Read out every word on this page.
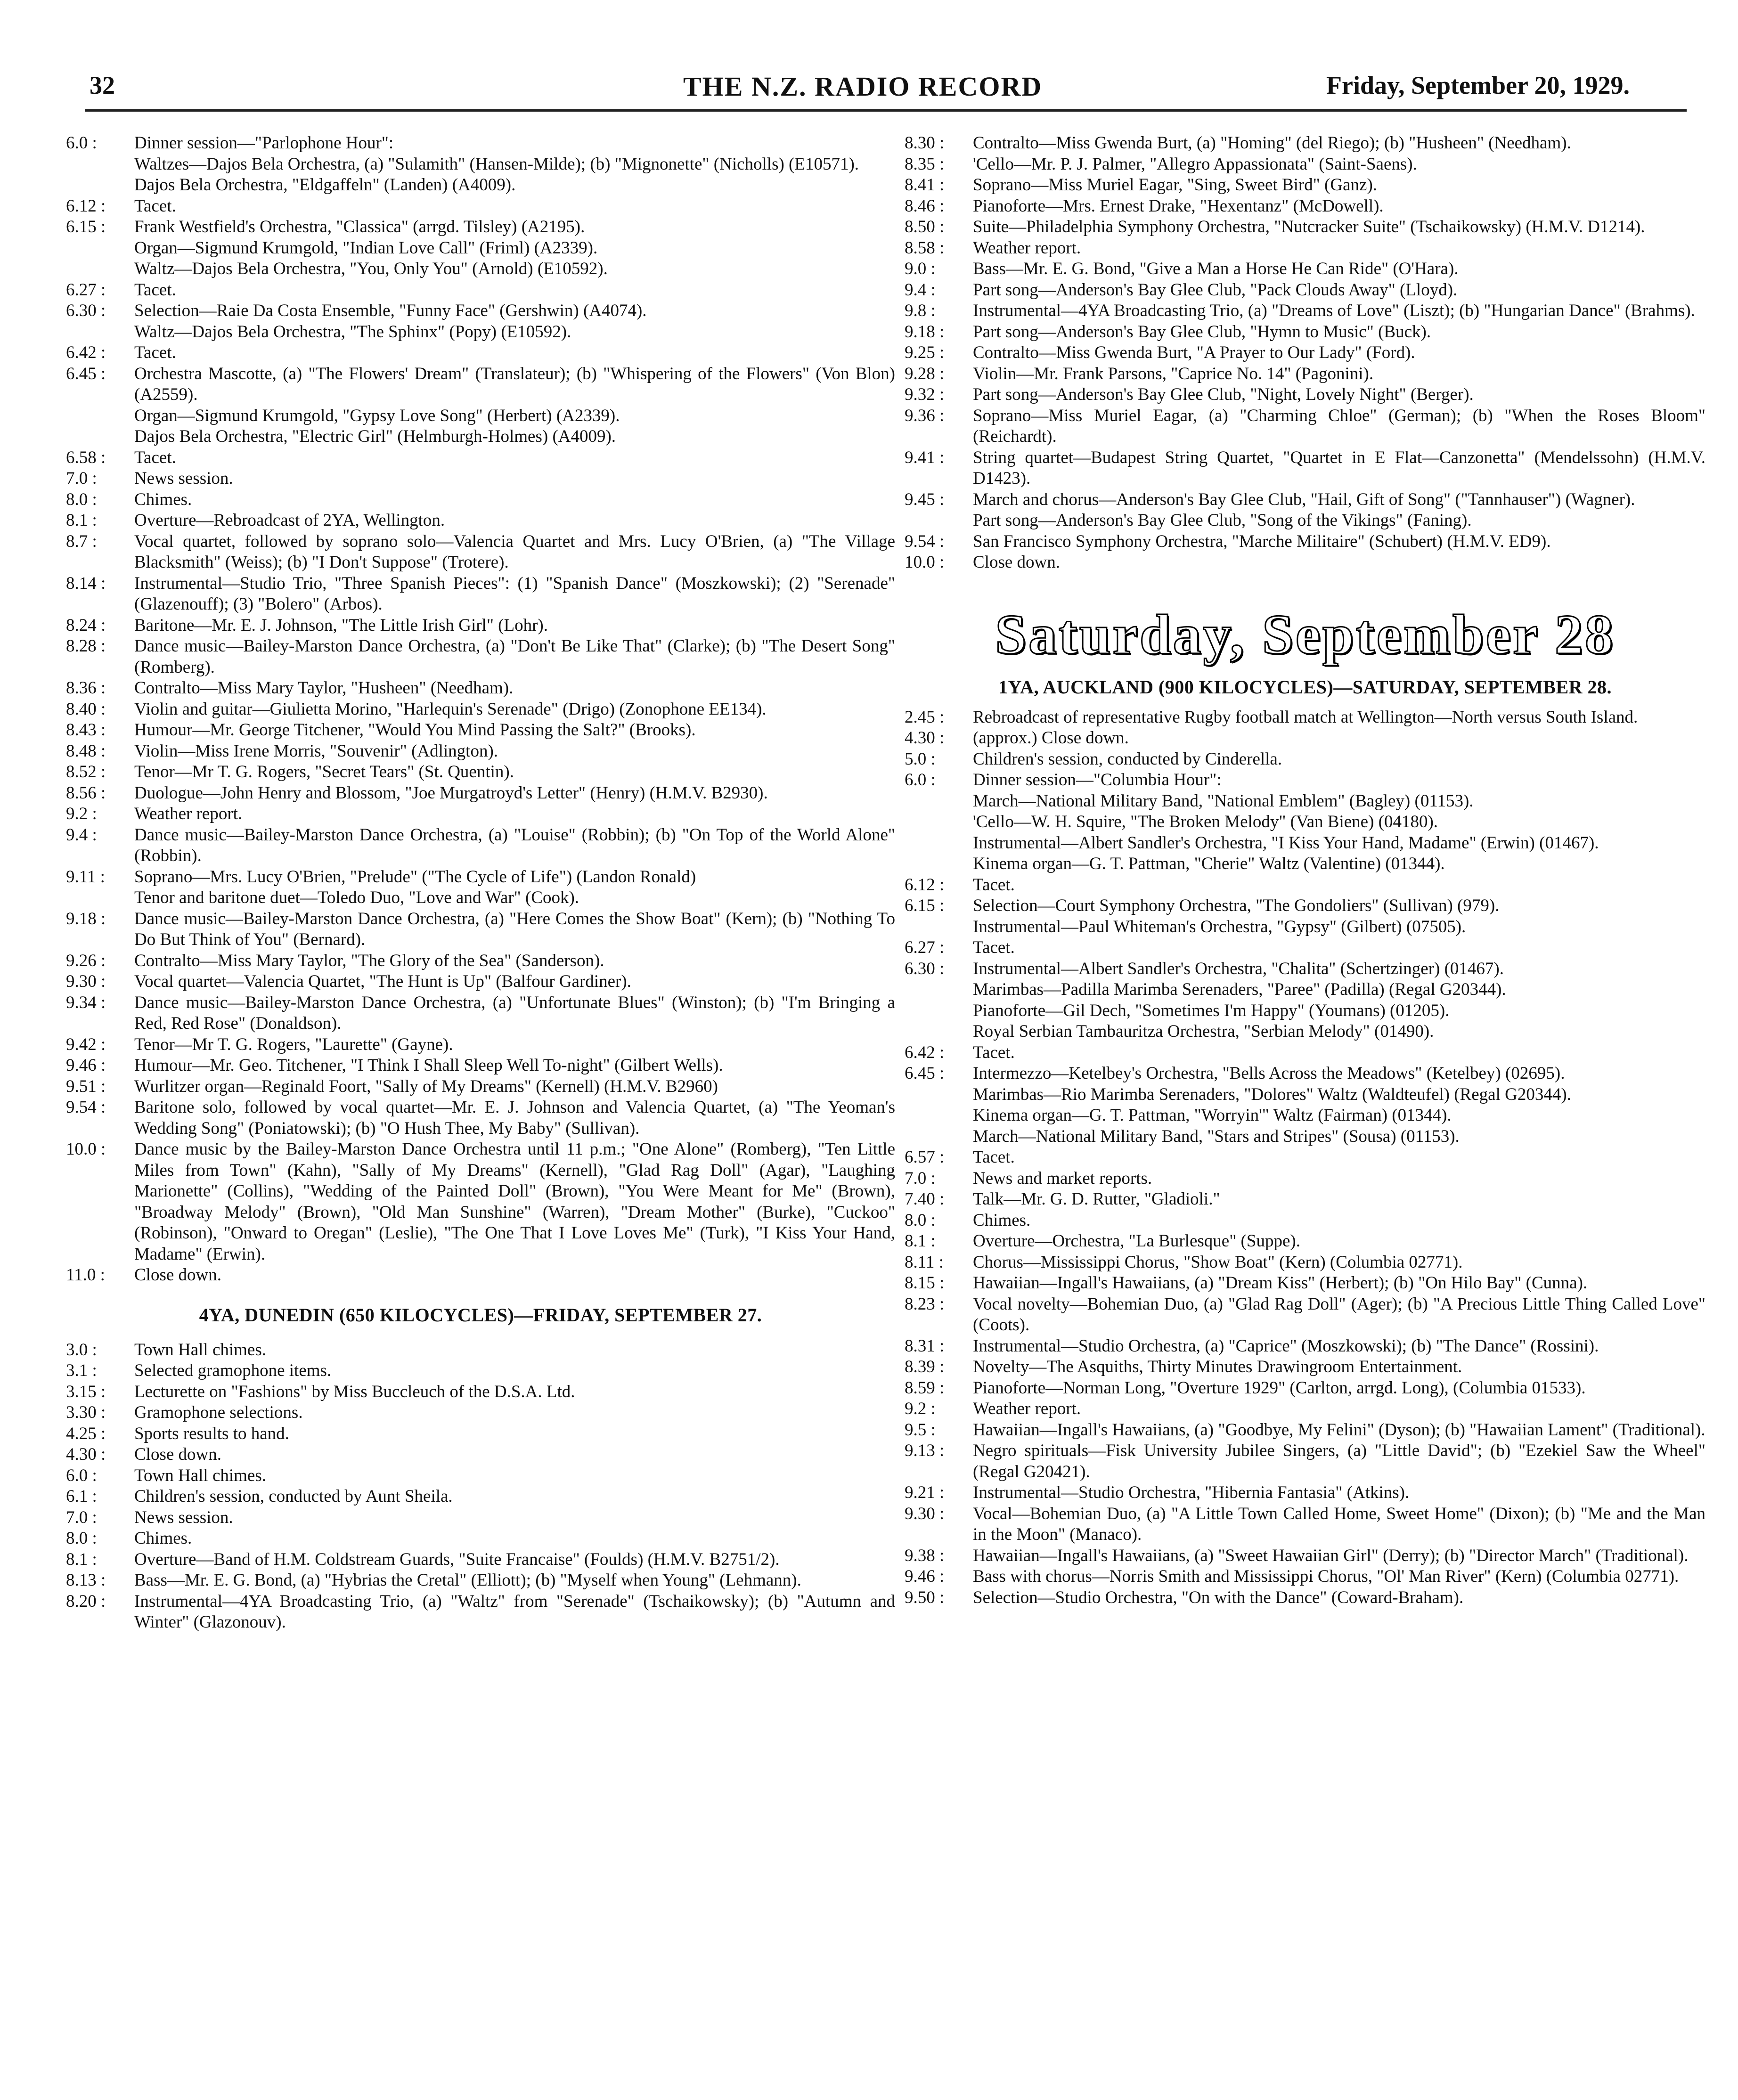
32	THE N.Z. RADIO RECORD	Friday, September 20, 1929.
6.0 :	Dinner session—"Parlophone Hour":
Waltzes—Dajos Bela Orchestra, (a) "Sulamith" (Hansen-Milde); (b) "Mignonette" (Nicholls) (E10571).
Dajos Bela Orchestra, "Eldgaffeln" (Landen) (A4009).
6.12 :	Tacet.
6.15 :	Frank Westfield's Orchestra, "Classica" (arrgd. Tilsley) (A2195).
Organ—Sigmund Krumgold, "Indian Love Call" (Friml) (A2339).
Waltz—Dajos Bela Orchestra, "You, Only You" (Arnold) (E10592).
6.27 :	Tacet.
6.30 :	Selection—Raie Da Costa Ensemble, "Funny Face" (Gershwin) (A4074).
Waltz—Dajos Bela Orchestra, "The Sphinx" (Popy) (E10592).
6.42 :	Tacet.
6.45 :	Orchestra Mascotte, (a) "The Flowers' Dream" (Translateur); (b) "Whispering of the Flowers" (Von Blon) (A2559).
Organ—Sigmund Krumgold, "Gypsy Love Song" (Herbert) (A2339).
Dajos Bela Orchestra, "Electric Girl" (Helmburgh-Holmes) (A4009).
6.58 :	Tacet.
7.0 :	News session.
8.0 :	Chimes.
8.1 :	Overture—Rebroadcast of 2YA, Wellington.
8.7 :	Vocal quartet, followed by soprano solo—Valencia Quartet and Mrs. Lucy O'Brien, (a) "The Village Blacksmith" (Weiss); (b) "I Don't Suppose" (Trotere).
8.14 :	Instrumental—Studio Trio, "Three Spanish Pieces": (1) "Spanish Dance" (Moszkowski); (2) "Serenade" (Glazenouff); (3) "Bolero" (Arbos).
8.24 :	Baritone—Mr. E. J. Johnson, "The Little Irish Girl" (Lohr).
8.28 :	Dance music—Bailey-Marston Dance Orchestra, (a) "Don't Be Like That" (Clarke); (b) "The Desert Song" (Romberg).
8.36 :	Contralto—Miss Mary Taylor, "Husheen" (Needham).
8.40 :	Violin and guitar—Giulietta Morino, "Harlequin's Serenade" (Drigo) (Zonophone EE134).
8.43 :	Humour—Mr. George Titchener, "Would You Mind Passing the Salt?" (Brooks).
8.48 :	Violin—Miss Irene Morris, "Souvenir" (Adlington).
8.52 :	Tenor—Mr T. G. Rogers, "Secret Tears" (St. Quentin).
8.56 :	Duologue—John Henry and Blossom, "Joe Murgatroyd's Letter" (Henry) (H.M.V. B2930).
9.2 :	Weather report.
9.4 :	Dance music—Bailey-Marston Dance Orchestra, (a) "Louise" (Robbin); (b) "On Top of the World Alone" (Robbin).
9.11 :	Soprano—Mrs. Lucy O'Brien, "Prelude" ("The Cycle of Life") (Landon Ronald)
Tenor and baritone duet—Toledo Duo, "Love and War" (Cook).
9.18 :	Dance music—Bailey-Marston Dance Orchestra, (a) "Here Comes the Show Boat" (Kern); (b) "Nothing To Do But Think of You" (Bernard).
9.26 :	Contralto—Miss Mary Taylor, "The Glory of the Sea" (Sanderson).
9.30 :	Vocal quartet—Valencia Quartet, "The Hunt is Up" (Balfour Gardiner).
9.34 :	Dance music—Bailey-Marston Dance Orchestra, (a) "Unfortunate Blues" (Winston); (b) "I'm Bringing a Red, Red Rose" (Donaldson).
9.42 :	Tenor—Mr T. G. Rogers, "Laurette" (Gayne).
9.46 :	Humour—Mr. Geo. Titchener, "I Think I Shall Sleep Well To-night" (Gilbert Wells).
9.51 :	Wurlitzer organ—Reginald Foort, "Sally of My Dreams" (Kernell) (H.M.V. B2960)
9.54 :	Baritone solo, followed by vocal quartet—Mr. E. J. Johnson and Valencia Quartet, (a) "The Yeoman's Wedding Song" (Poniatowski); (b) "O Hush Thee, My Baby" (Sullivan).
10.0 :	Dance music by the Bailey-Marston Dance Orchestra until 11 p.m.; "One Alone" (Romberg), "Ten Little Miles from Town" (Kahn), "Sally of My Dreams" (Kernell), "Glad Rag Doll" (Agar), "Laughing Marionette" (Collins), "Wedding of the Painted Doll" (Brown), "You Were Meant for Me" (Brown), "Broadway Melody" (Brown), "Old Man Sunshine" (Warren), "Dream Mother" (Burke), "Cuckoo" (Robinson), "Onward to Oregan" (Leslie), "The One That I Love Loves Me" (Turk), "I Kiss Your Hand, Madame" (Erwin).
11.0 :	Close down.
4YA, DUNEDIN (650 KILOCYCLES)—FRIDAY, SEPTEMBER 27.
3.0 :	Town Hall chimes.
3.1 :	Selected gramophone items.
3.15 :	Lecturette on "Fashions" by Miss Buccleuch of the D.S.A. Ltd.
3.30 :	Gramophone selections.
4.25 :	Sports results to hand.
4.30 :	Close down.
6.0 :	Town Hall chimes.
6.1 :	Children's session, conducted by Aunt Sheila.
7.0 :	News session.
8.0 :	Chimes.
8.1 :	Overture—Band of H.M. Coldstream Guards, "Suite Francaise" (Foulds) (H.M.V. B2751/2).
8.13 :	Bass—Mr. E. G. Bond, (a) "Hybrias the Cretal" (Elliott); (b) "Myself when Young" (Lehmann).
8.20 :	Instrumental—4YA Broadcasting Trio, (a) "Waltz" from "Serenade" (Tschaikowsky); (b) "Autumn and Winter" (Glazonouv).
8.30 :	Contralto—Miss Gwenda Burt, (a) "Homing" (del Riego); (b) "Husheen" (Needham).
8.35 :	'Cello—Mr. P. J. Palmer, "Allegro Appassionata" (Saint-Saens).
8.41 :	Soprano—Miss Muriel Eagar, "Sing, Sweet Bird" (Ganz).
8.46 :	Pianoforte—Mrs. Ernest Drake, "Hexentanz" (McDowell).
8.50 :	Suite—Philadelphia Symphony Orchestra, "Nutcracker Suite" (Tschaikowsky) (H.M.V. D1214).
8.58 :	Weather report.
9.0 :	Bass—Mr. E. G. Bond, "Give a Man a Horse He Can Ride" (O'Hara).
9.4 :	Part song—Anderson's Bay Glee Club, "Pack Clouds Away" (Lloyd).
9.8 :	Instrumental—4YA Broadcasting Trio, (a) "Dreams of Love" (Liszt); (b) "Hungarian Dance" (Brahms).
9.18 :	Part song—Anderson's Bay Glee Club, "Hymn to Music" (Buck).
9.25 :	Contralto—Miss Gwenda Burt, "A Prayer to Our Lady" (Ford).
9.28 :	Violin—Mr. Frank Parsons, "Caprice No. 14" (Pagonini).
9.32 :	Part song—Anderson's Bay Glee Club, "Night, Lovely Night" (Berger).
9.36 :	Soprano—Miss Muriel Eagar, (a) "Charming Chloe" (German); (b) "When the Roses Bloom" (Reichardt).
9.41 :	String quartet—Budapest String Quartet, "Quartet in E Flat—Canzonetta" (Mendelssohn) (H.M.V. D1423).
9.45 :	March and chorus—Anderson's Bay Glee Club, "Hail, Gift of Song" ("Tannhauser") (Wagner).
Part song—Anderson's Bay Glee Club, "Song of the Vikings" (Faning).
9.54 :	San Francisco Symphony Orchestra, "Marche Militaire" (Schubert) (H.M.V. ED9).
10.0 :	Close down.
Saturday, September 28
1YA, AUCKLAND (900 KILOCYCLES)—SATURDAY, SEPTEMBER 28.
2.45 :	Rebroadcast of representative Rugby football match at Wellington—North versus South Island.
4.30 :	(approx.) Close down.
5.0 :	Children's session, conducted by Cinderella.
6.0 :	Dinner session—"Columbia Hour":
March—National Military Band, "National Emblem" (Bagley) (01153).
'Cello—W. H. Squire, "The Broken Melody" (Van Biene) (04180).
Instrumental—Albert Sandler's Orchestra, "I Kiss Your Hand, Madame" (Erwin) (01467).
Kinema organ—G. T. Pattman, "Cherie" Waltz (Valentine) (01344).
6.12 :	Tacet.
6.15 :	Selection—Court Symphony Orchestra, "The Gondoliers" (Sullivan) (979).
Instrumental—Paul Whiteman's Orchestra, "Gypsy" (Gilbert) (07505).
6.27 :	Tacet.
6.30 :	Instrumental—Albert Sandler's Orchestra, "Chalita" (Schertzinger) (01467).
Marimbas—Padilla Marimba Serenaders, "Paree" (Padilla) (Regal G20344).
Pianoforte—Gil Dech, "Sometimes I'm Happy" (Youmans) (01205).
Royal Serbian Tambauritza Orchestra, "Serbian Melody" (01490).
6.42 :	Tacet.
6.45 :	Intermezzo—Ketelbey's Orchestra, "Bells Across the Meadows" (Ketelbey) (02695).
Marimbas—Rio Marimba Serenaders, "Dolores" Waltz (Waldteufel) (Regal G20344).
Kinema organ—G. T. Pattman, "Worryin'" Waltz (Fairman) (01344).
March—National Military Band, "Stars and Stripes" (Sousa) (01153).
6.57 :	Tacet.
7.0 :	News and market reports.
7.40 :	Talk—Mr. G. D. Rutter, "Gladioli."
8.0 :	Chimes.
8.1 :	Overture—Orchestra, "La Burlesque" (Suppe).
8.11 :	Chorus—Mississippi Chorus, "Show Boat" (Kern) (Columbia 02771).
8.15 :	Hawaiian—Ingall's Hawaiians, (a) "Dream Kiss" (Herbert); (b) "On Hilo Bay" (Cunna).
8.23 :	Vocal novelty—Bohemian Duo, (a) "Glad Rag Doll" (Ager); (b) "A Precious Little Thing Called Love" (Coots).
8.31 :	Instrumental—Studio Orchestra, (a) "Caprice" (Moszkowski); (b) "The Dance" (Rossini).
8.39 :	Novelty—The Asquiths, Thirty Minutes Drawingroom Entertainment.
8.59 :	Pianoforte—Norman Long, "Overture 1929" (Carlton, arrgd. Long), (Columbia 01533).
9.2 :	Weather report.
9.5 :	Hawaiian—Ingall's Hawaiians, (a) "Goodbye, My Felini" (Dyson); (b) "Hawaiian Lament" (Traditional).
9.13 :	Negro spirituals—Fisk University Jubilee Singers, (a) "Little David"; (b) "Ezekiel Saw the Wheel" (Regal G20421).
9.21 :	Instrumental—Studio Orchestra, "Hibernia Fantasia" (Atkins).
9.30 :	Vocal—Bohemian Duo, (a) "A Little Town Called Home, Sweet Home" (Dixon); (b) "Me and the Man in the Moon" (Manaco).
9.38 :	Hawaiian—Ingall's Hawaiians, (a) "Sweet Hawaiian Girl" (Derry); (b) "Director March" (Traditional).
9.46 :	Bass with chorus—Norris Smith and Mississippi Chorus, "Ol' Man River" (Kern) (Columbia 02771).
9.50 :	Selection—Studio Orchestra, "On with the Dance" (Coward-Braham).
